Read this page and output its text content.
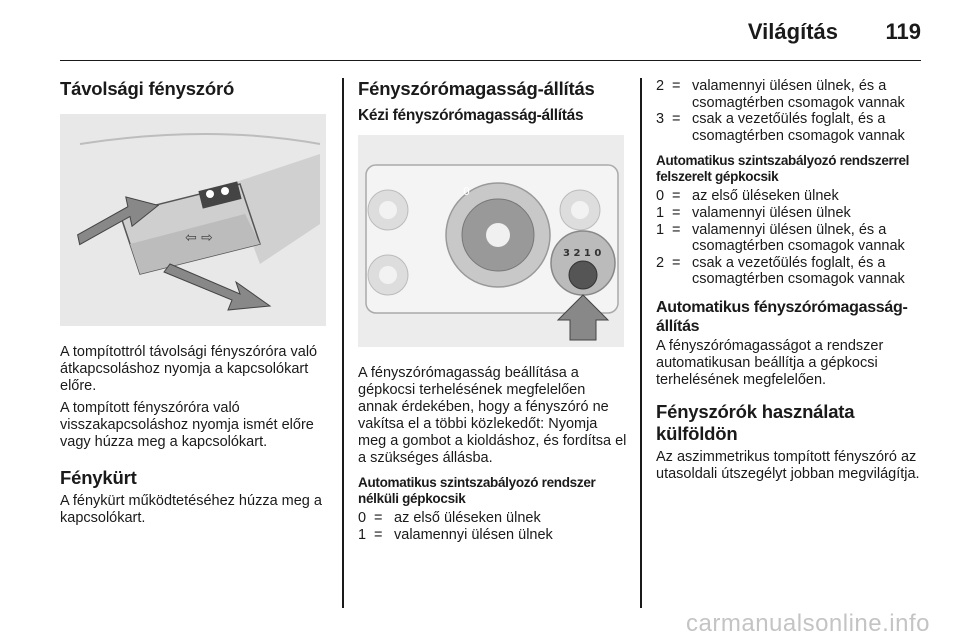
Világítás 119
Távolsági fényszóró
⇦ ⇨

A tompítottról távolsági fényszóróra való átkapcsoláshoz nyomja a kapcsolókart előre.

A tompított fényszóróra való visszakapcsoláshoz nyomja ismét előre vagy húzza meg a kapcsolókart.

Fénykürt

A fénykürt működtetéséhez húzza meg a kapcsolókart.

Fényszórómagasság-állítás
Kézi fényszórómagasság-állítás
0
3 2 1 0

A fényszórómagasság beállítása a gépkocsi terhelésének megfelelően annak érdekében, hogy a fényszóró ne vakítsa el a többi közlekedőt: Nyomja meg a gombot a kioldáshoz, és fordítsa el a szükséges állásba.

Automatikus szintszabályozó rendszer nélküli gépkocsik
0 = az első üléseken ülnek
1 = valamennyi ülésen ülnek
2 = valamennyi ülésen ülnek, és a csomagtérben csomagok vannak
3 = csak a vezetőülés foglalt, és a csomagtérben csomagok vannak
Automatikus szintszabályozó rendszerrel felszerelt gépkocsik
0 = az első üléseken ülnek
1 = valamennyi ülésen ülnek
1 = valamennyi ülésen ülnek, és a csomagtérben csomagok vannak
2 = csak a vezetőülés foglalt, és a csomagtérben csomagok vannak
Automatikus fényszórómagasság-állítás

A fényszórómagasságot a rendszer automatikusan beállítja a gépkocsi terhelésének megfelelően.

Fényszórók használata külföldön

Az aszimmetrikus tompított fényszóró az utasoldali útszegélyt jobban megvilágítja.

carmanualsonline.info
